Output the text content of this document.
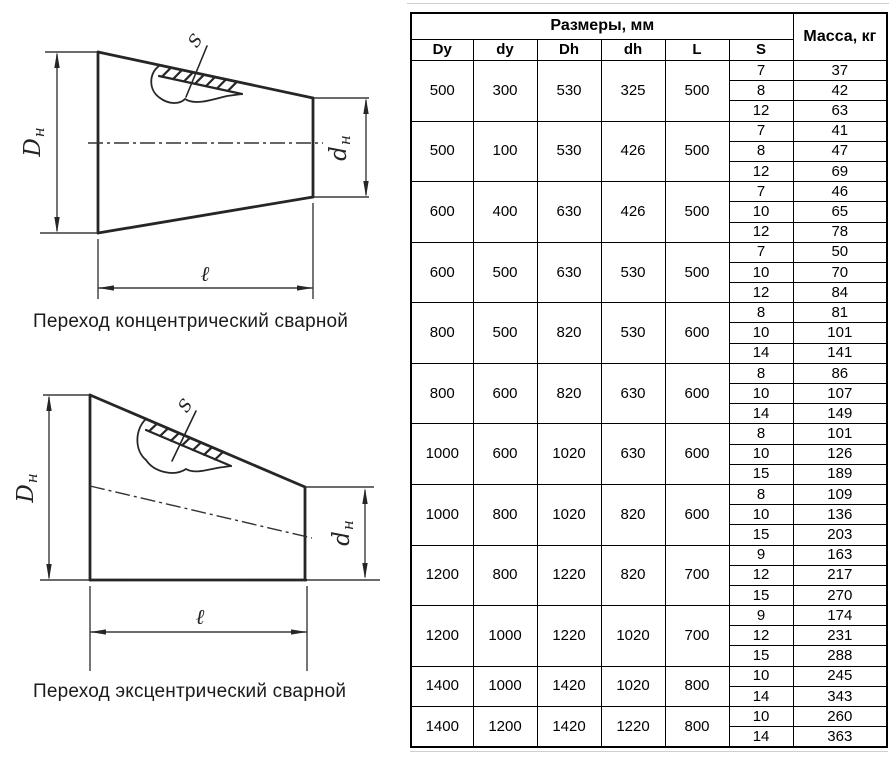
Dн
dн
ℓ
S
Dн
dн
ℓ
S
Переход концентрический сварной
Переход эксцентрический сварной
Размеры, мм						Масса, кг
Dy	dy	Dh	dh	L	S	
500	300	530	325	500	7	37
					8	42
					12	63
500	100	530	426	500	7	41
					8	47
					12	69
600	400	630	426	500	7	46
					10	65
					12	78
600	500	630	530	500	7	50
					10	70
					12	84
800	500	820	530	600	8	81
					10	101
					14	141
800	600	820	630	600	8	86
					10	107
					14	149
1000	600	1020	630	600	8	101
					10	126
					15	189
1000	800	1020	820	600	8	109
					10	136
					15	203
1200	800	1220	820	700	9	163
					12	217
					15	270
1200	1000	1220	1020	700	9	174
					12	231
					15	288
1400	1000	1420	1020	800	10	245
					14	343
1400	1200	1420	1220	800	10	260
					14	363
